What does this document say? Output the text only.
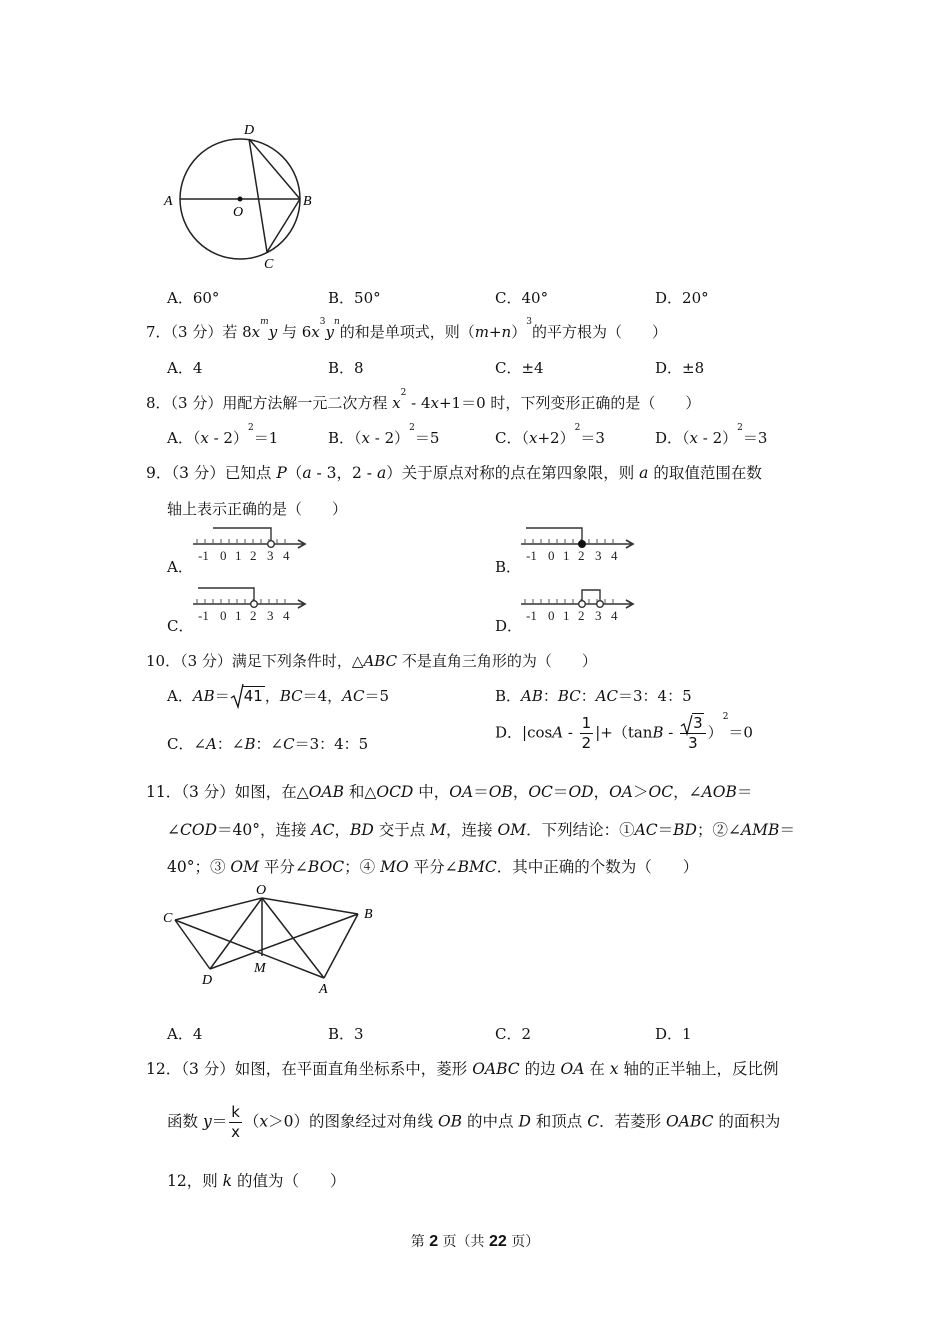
D
A
O
B
C
A．60°	B．50°	C．40°	D．20°
7．（3 分）若 $8x^my$ 与 $6x^3y^n$的和是单项式，则$(m+n)^3$的平方根为（　　）
A．4	B．8	C．±4	D．±8
8．（3 分）用配方法解一元二次方程 $x^2 - 4x+1=0$ 时，下列变形正确的是（　　）
A．（x - 2）$^2$＝1	B．（x - 2）$^2$＝5	C．$(x+2)^2=3$	D．（x - 2）$^2$＝3
9．（3 分）已知点 P（a - 3，2 - a）关于原点对称的点在第四象限，则 a 的取值范围在数
轴上表示正确的是（　　）
A．	B．
C．	D．
-1 0 1 2 3 4	-1 0 1 2 3 4
-1 0 1 2 3 4	-1 0 1 2 3 4
10．（3 分）满足下列条件时，△ABC 不是直角三角形的为（　　）
A．AB＝ 41 ，BC＝4，AC＝5	B．AB：BC：AC＝3：4：5
C．∠A：∠B：∠C＝3：4：5
D．$|\cos A - \frac{1}{2} |+(\tan B - \frac{3}{3} )^2=0$
11．（3 分）如图，在△OAB 和△OCD 中，OA＝OB，OC＝OD，OA＞OC，∠AOB＝
∠COD＝40°，连接 AC，BD 交于点 M，连接 OM．下列结论：①AC＝BD；②∠AMB＝
40°；③ OM 平分∠BOC；④ MO 平分∠BMC．其中正确的个数为（　　）
O
C	B
D
M
A
A．4	B．3	C．2	D．1
12．（3 分）如图，在平面直角坐标系中，菱形 OABC 的边 OA 在 x 轴的正半轴上，反比例
函数 $y= \frac{k}{x} (x>0)$的图象经过对角线 OB 的中点 D 和顶点 C．若菱形 OABC 的面积为
12，则 k 的值为（　　）
第 2 页（共 22 页）
